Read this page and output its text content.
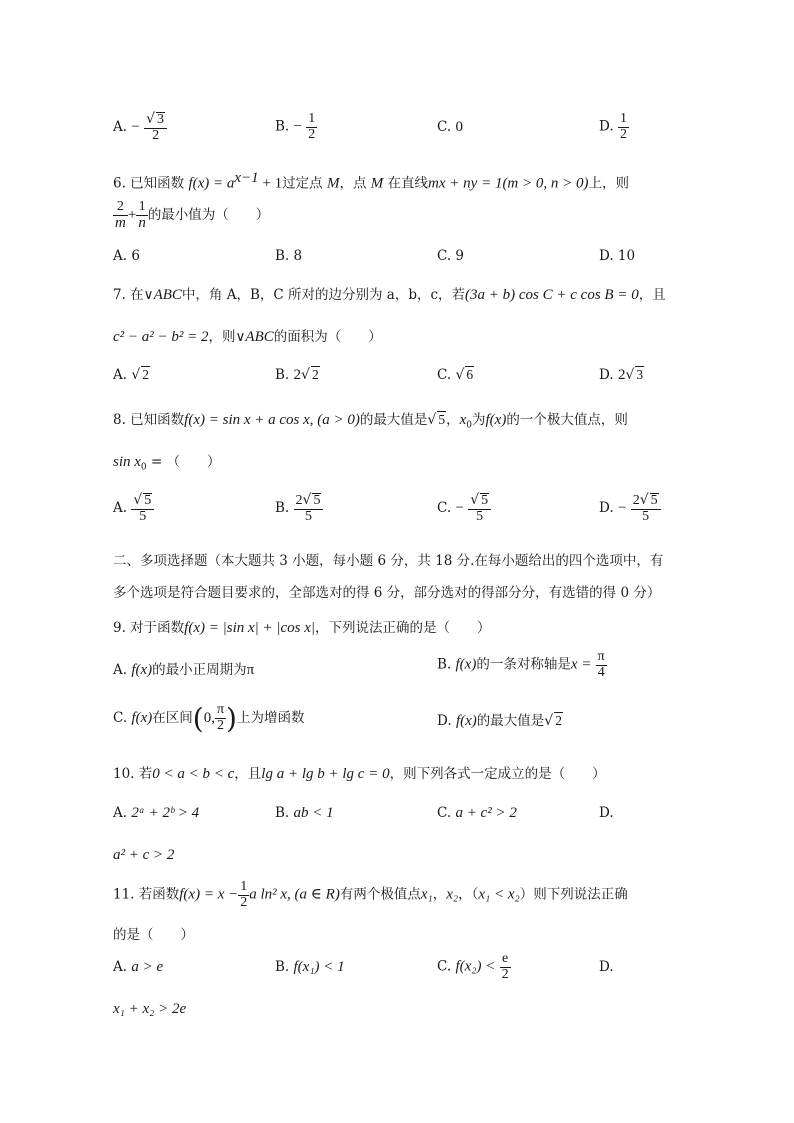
A. − $\frac{√ 3}{2}$	B. − $\frac{1}{2}$	C. 0	D. $\frac{1}{2}$
6. 已知函数 $f(x) = a^{x-1} + 1$过定点 M，点 M 在直线mx + ny = 1(m > 0, n > 0)上，则
$\frac{2}{m} + \frac{1}{n}$ 的最小值为（　　）
A. 6	B. 8	C. 9	D. 10
7. 在∨ABC中，角 A，B，C 所对的边分别为 a，b，c，若(3a + b) cos C + c cos B = 0，且
c² − a² − b² = 2，则∨ABC的面积为（　　）
A. √ 2	B. 2√ 2	C. √ 6	D. 2√ 3
8. 已知函数f(x) = sin x + a cos x, (a > 0)的最大值是√ 5，$x_0$为f(x)的一个极大值点，则
$\sin x_0$ = （　　）
A. $\frac{√ 5}{5}$	B. $\frac{2√ 5}{5}$	C. − $\frac{√ 5}{5}$	D. − $\frac{2√ 5}{5}$
二、多项选择题（本大题共 3 小题，每小题 6 分，共 18 分.在每小题给出的四个选项中，有
多个选项是符合题目要求的，全部选对的得 6 分，部分选对的得部分分，有选错的得 0 分）
9. 对于函数f(x) = |sin x| + |cos x|，下列说法正确的是（　　）
A. f(x)的最小正周期为π	B. f(x)的一条对称轴是$x = \frac{\pi}{4}$
C. f(x)在区间(0, $\frac{\pi}{2}$ )上为增函数	D. f(x)的最大值是√ 2
10. 若0 < a < b < c，且lg a + lg b + lg c = 0，则下列各式一定成立的是（　　）
A. 2ᵃ + 2ᵇ > 4	B. ab < 1	C. a + c² > 2	D.
a² + c > 2
11. 若函数$f(x) = x - \frac{1}{2}$ a ln² x, (a ∈ R)有两个极值点x₁，x₂，（x₁ < x₂）则下列说法正确
的是（　　）
A. a > e	B. f(x₁) < 1	C. $f(x_2) < \frac{e}{2}$	D.
x₁ + x₂ > 2e
